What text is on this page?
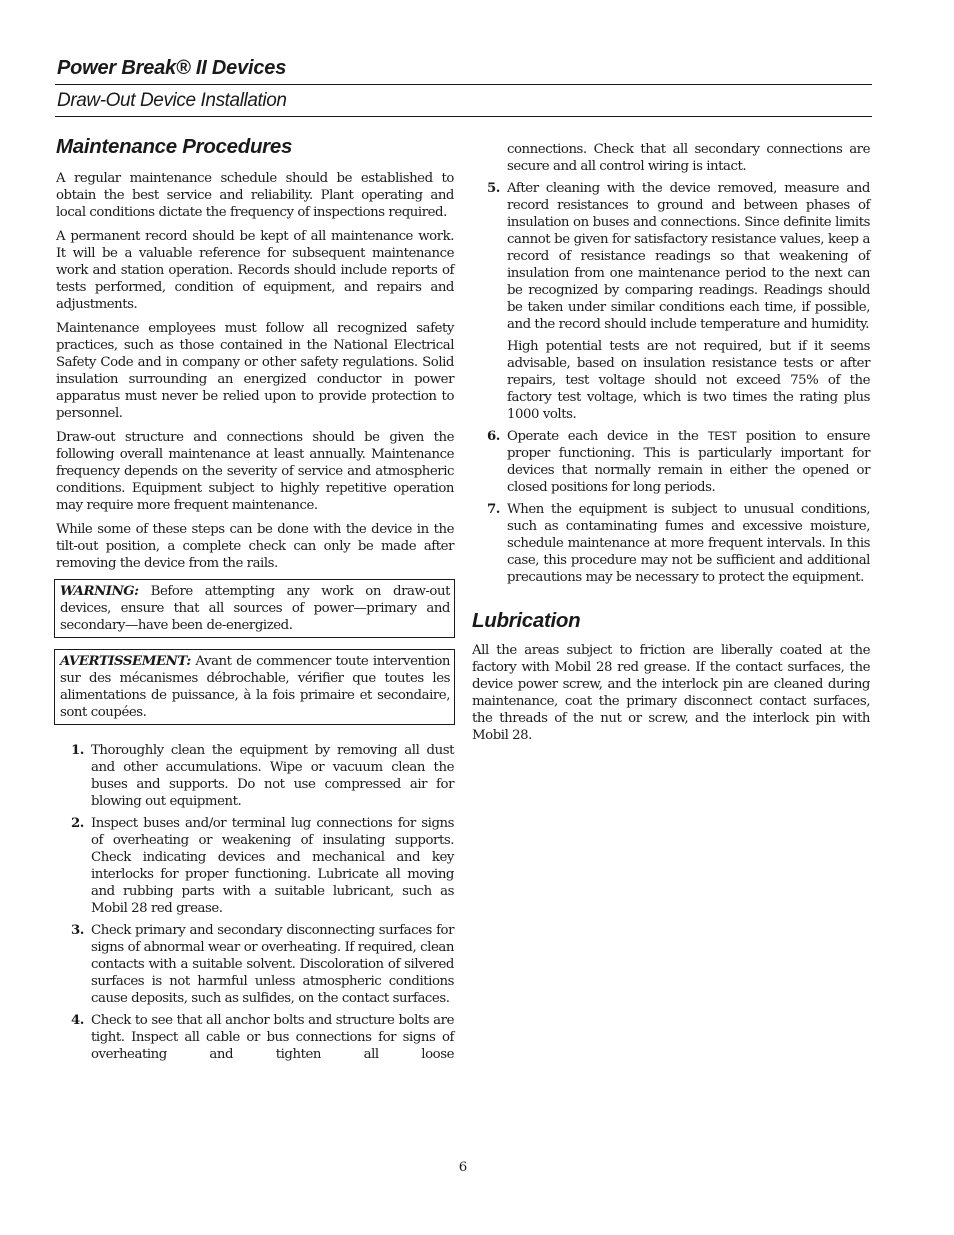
Power Break® II Devices
Draw-Out Device Installation
Maintenance Procedures

A regular maintenance schedule should be established to obtain the best service and reliability. Plant operating and local conditions dictate the frequency of inspections required.

A permanent record should be kept of all maintenance work. It will be a valuable reference for subsequent maintenance work and station operation. Records should include reports of tests performed, condition of equipment, and repairs and adjustments.

Maintenance employees must follow all recognized safety practices, such as those contained in the National Electrical Safety Code and in company or other safety regulations. Solid insulation surrounding an energized conductor in power apparatus must never be relied upon to provide protection to personnel.

Draw-out structure and connections should be given the following overall maintenance at least annually. Maintenance frequency depends on the severity of service and atmospheric conditions. Equipment subject to highly repetitive operation may require more frequent maintenance.

While some of these steps can be done with the device in the tilt-out position, a complete check can only be made after removing the device from the rails.

WARNING: Before attempting any work on draw-out devices, ensure that all sources of power—primary and secondary—have been de-energized.
AVERTISSEMENT: Avant de commencer toute intervention sur des mécanismes débrochable, vérifier que toutes les alimentations de puissance, à la fois primaire et secondaire, sont coupées.
1. Thoroughly clean the equipment by removing all dust and other accumulations. Wipe or vacuum clean the buses and supports. Do not use compressed air for blowing out equipment.
2. Inspect buses and/or terminal lug connections for signs of overheating or weakening of insulating supports. Check indicating devices and mechanical and key interlocks for proper functioning. Lubricate all moving and rubbing parts with a suitable lubricant, such as Mobil 28 red grease.
3. Check primary and secondary disconnecting surfaces for signs of abnormal wear or overheating. If required, clean contacts with a suitable solvent. Discoloration of silvered surfaces is not harmful unless atmospheric conditions cause deposits, such as sulfides, on the contact surfaces.
4. Check to see that all anchor bolts and structure bolts are tight. Inspect all cable or bus connections for signs of overheating and tighten all loose
connections. Check that all secondary connections are secure and all control wiring is intact.
5. After cleaning with the device removed, measure and record resistances to ground and between phases of insulation on buses and connections. Since definite limits cannot be given for satisfactory resistance values, keep a record of resistance readings so that weakening of insulation from one maintenance period to the next can be recognized by comparing readings. Readings should be taken under similar conditions each time, if possible, and the record should include temperature and humidity.
High potential tests are not required, but if it seems advisable, based on insulation resistance tests or after repairs, test voltage should not exceed 75% of the factory test voltage, which is two times the rating plus 1000 volts.
6. Operate each device in the TEST position to ensure proper functioning. This is particularly important for devices that normally remain in either the opened or closed positions for long periods.
7. When the equipment is subject to unusual conditions, such as contaminating fumes and excessive moisture, schedule maintenance at more frequent intervals. In this case, this procedure may not be sufficient and additional precautions may be necessary to protect the equipment.
Lubrication

All the areas subject to friction are liberally coated at the factory with Mobil 28 red grease. If the contact surfaces, the device power screw, and the interlock pin are cleaned during maintenance, coat the primary disconnect contact surfaces, the threads of the nut or screw, and the interlock pin with Mobil 28.

6
